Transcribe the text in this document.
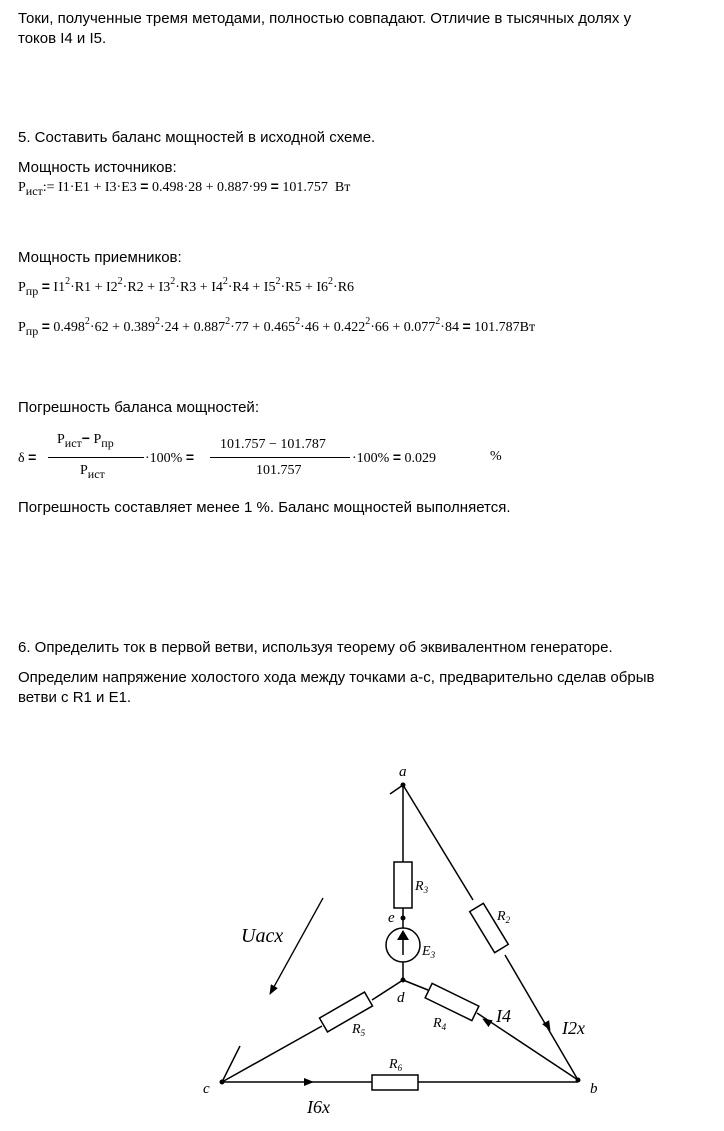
Токи, полученные тремя методами, полностью совпадают. Отличие в тысячных долях у
токов I4 и I5.
5. Составить баланс мощностей в исходной схеме.
Мощность источников:
$P_{ист}:= I1\cdot E1 + I3\cdot E3 = 0.498\cdot 28 + 0.887\cdot 99 = 101.757$ Вт
Мощность приемников:
$P_{пр} = I1^2\cdot R1 + I2^2\cdot R2 + I3^2\cdot R3 + I4^2\cdot R4 + I5^2\cdot R5 + I6^2\cdot R6$
$P_{пр} = 0.498^2\cdot 62 + 0.389^2\cdot 24 + 0.887^2\cdot 77 + 0.465^2\cdot 46 + 0.422^2\cdot 66 + 0.077^2\cdot 84 = 101.787Вт$
Погрешность баланса мощностей:
δ =
$P_{ист}- P_{пр}$
$P_{ист}$
·100% =
101.757 − 101.787
101.757
·100% = 0.029	%
Погрешность составляет менее 1 %. Баланс мощностей выполняется.
6. Определить ток в первой ветви, используя теорему об эквивалентном генераторе.
Определим напряжение холостого хода между точками а-с, предварительно сделав обрыв
ветви с R1 и E1.
a
b
c
d
e
$R_3$
$R_2$
$R_5$
$R_4$
$R_6$
$E_3$
Uacx
I2x
I4
I6x
